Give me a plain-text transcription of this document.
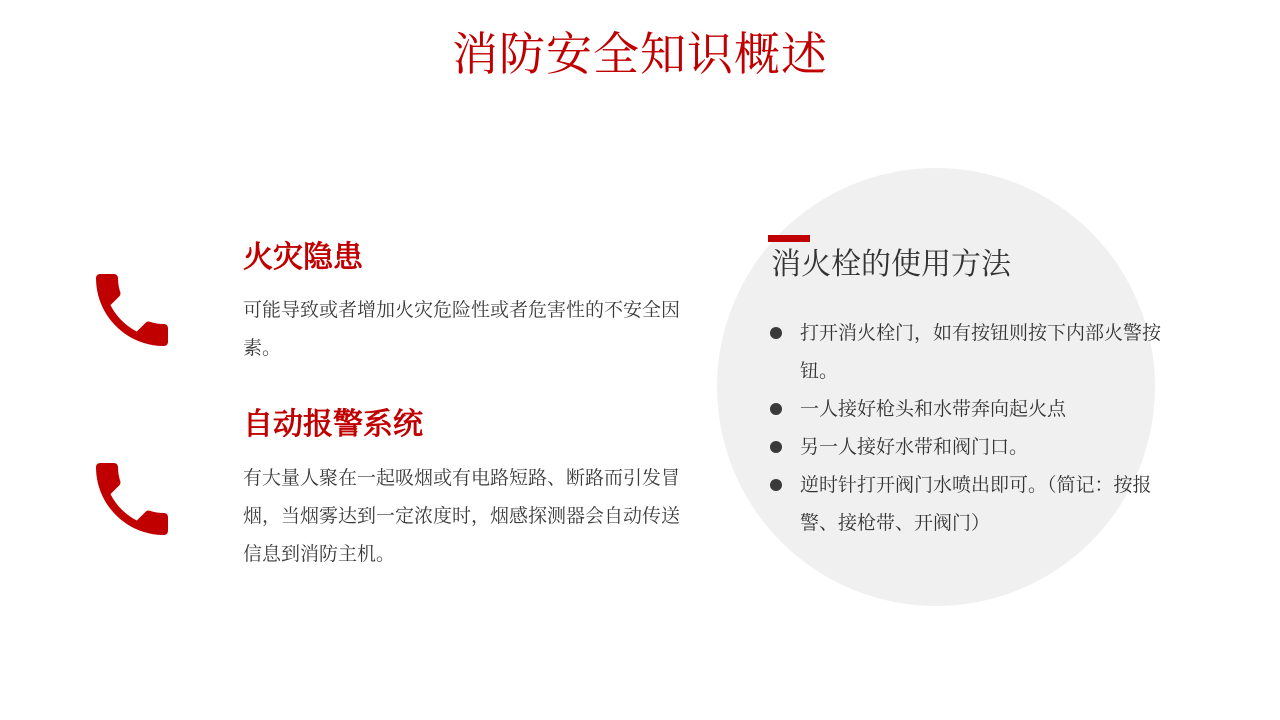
消防安全知识概述
火灾隐患
可能导致或者增加火灾危险性或者危害性的不安全因素。
自动报警系统
有大量人聚在一起吸烟或有电路短路、断路而引发冒烟，当烟雾达到一定浓度时，烟感探测器会自动传送信息到消防主机。
消火栓的使用方法
打开消火栓门，如有按钮则按下内部火警按钮。
一人接好枪头和水带奔向起火点
另一人接好水带和阀门口。
逆时针打开阀门水喷出即可。（简记：按报警、接枪带、开阀门）
